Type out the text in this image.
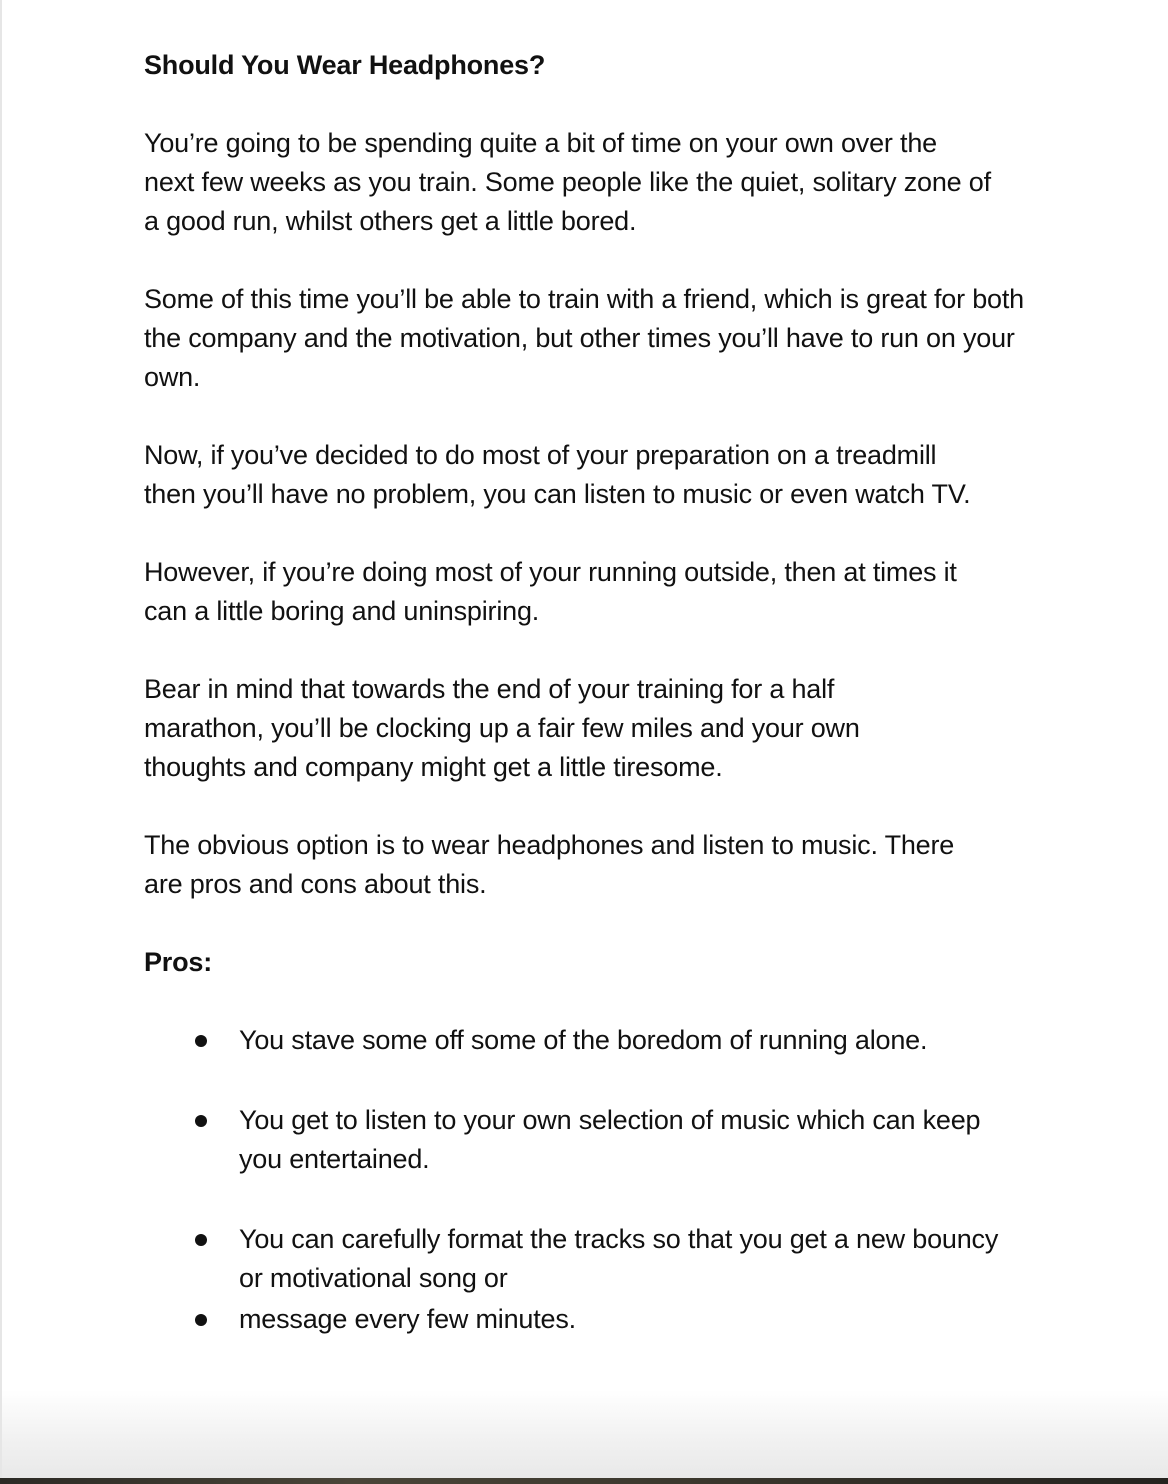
Should You Wear Headphones?

You’re going to be spending quite a bit of time on your own over the next few weeks as you train. Some people like the quiet, solitary zone of a good run, whilst others get a little bored.

Some of this time you’ll be able to train with a friend, which is great for both the company and the motivation, but other times you’ll have to run on your own.

Now, if you’ve decided to do most of your preparation on a treadmill then you’ll have no problem, you can listen to music or even watch TV.

However, if you’re doing most of your running outside, then at times it can a little boring and uninspiring.

Bear in mind that towards the end of your training for a half marathon, you’ll be clocking up a fair few miles and your own thoughts and company might get a little tiresome.

The obvious option is to wear headphones and listen to music. There are pros and cons about this.

Pros:

You stave some off some of the boredom of running alone.
You get to listen to your own selection of music which can keep you entertained.
You can carefully format the tracks so that you get a new bouncy or motivational song or
message every few minutes.
